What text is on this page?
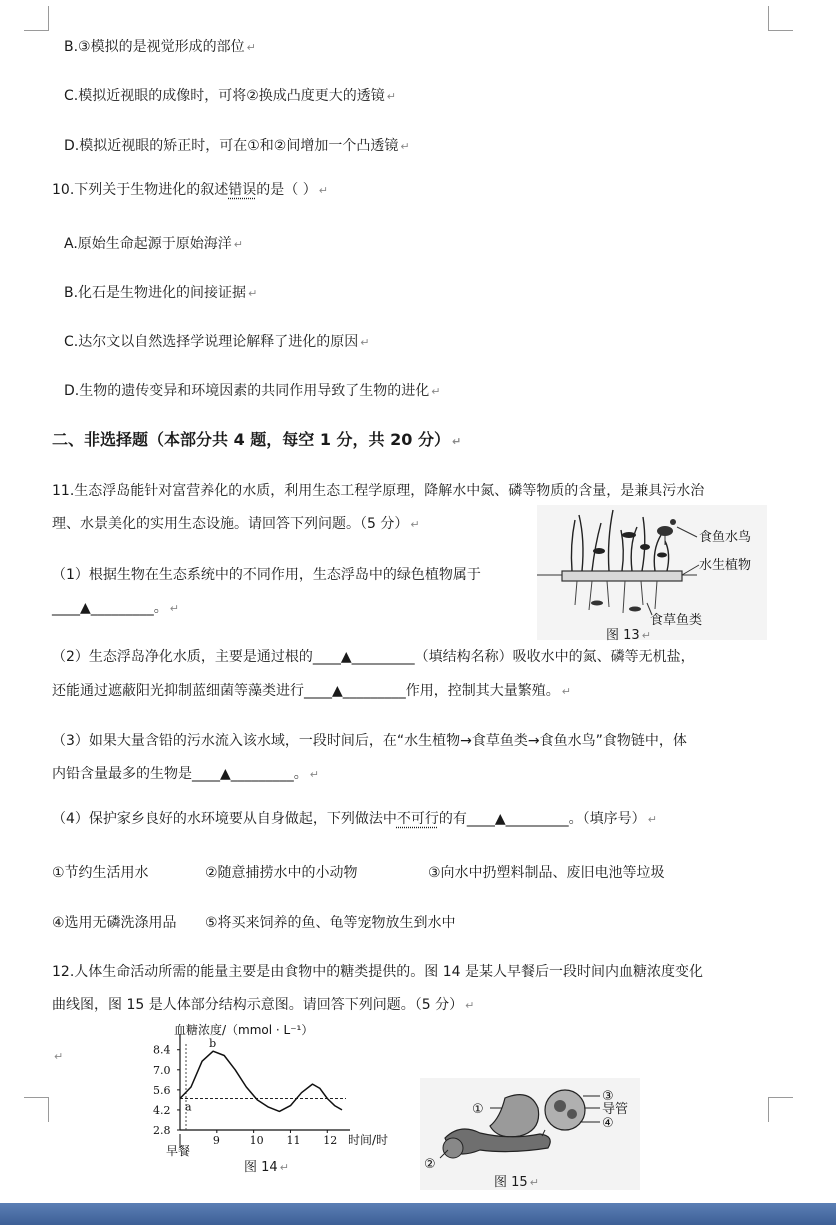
B.③模拟的是视觉形成的部位 ↵
C.模拟近视眼的成像时，可将②换成凸度更大的透镜 ↵
D.模拟近视眼的矫正时，可在①和②间增加一个凸透镜 ↵
10.下列关于生物进化的叙述错误的是（ ） ↵
A.原始生命起源于原始海洋 ↵
B.化石是生物进化的间接证据 ↵
C.达尔文以自然选择学说理论解释了进化的原因 ↵
D.生物的遗传变异和环境因素的共同作用导致了生物的进化 ↵
二、非选择题（本部分共 4 题，每空 1 分，共 20 分） ↵
11.生态浮岛能针对富营养化的水质，利用生态工程学原理，降解水中氮、磷等物质的含量，是兼具污水治
理、水景美化的实用生态设施。请回答下列问题。（5 分） ↵
（1）根据生物在生态系统中的不同作用，生态浮岛中的绿色植物属于
____▲_________。 ↵
（2）生态浮岛净化水质，主要是通过根的____▲_________（填结构名称）吸收水中的氮、磷等无机盐，
还能通过遮蔽阳光抑制蓝细菌等藻类进行____▲_________作用，控制其大量繁殖。 ↵
（3）如果大量含铅的污水流入该水域，一段时间后，在“水生植物→食草鱼类→食鱼水鸟”食物链中，体
内铅含量最多的生物是____▲_________。 ↵
（4）保护家乡良好的水环境要从自身做起，下列做法中不可行的有____▲_________。（填序号） ↵
①节约生活用水	②随意捕捞水中的小动物	③向水中扔塑料制品、废旧电池等垃圾
④选用无磷洗涤用品 ⑤将买来饲养的鱼、龟等宠物放生到水中
食鱼水鸟
水生植物
食草鱼类
图 13 ↵
12.人体生命活动所需的能量主要是由食物中的糖类提供的。图 14 是某人早餐后一段时间内血糖浓度变化
曲线图，图 15 是人体部分结构示意图。请回答下列问题。（5 分） ↵
↵
血糖浓度/（mmol · L⁻¹）
时间/时
早餐
2.8
4.2
5.6
7.0
8.4
9	10 11 12
a
b
图 14 ↵
①
②
③
导管
④
图 15 ↵
